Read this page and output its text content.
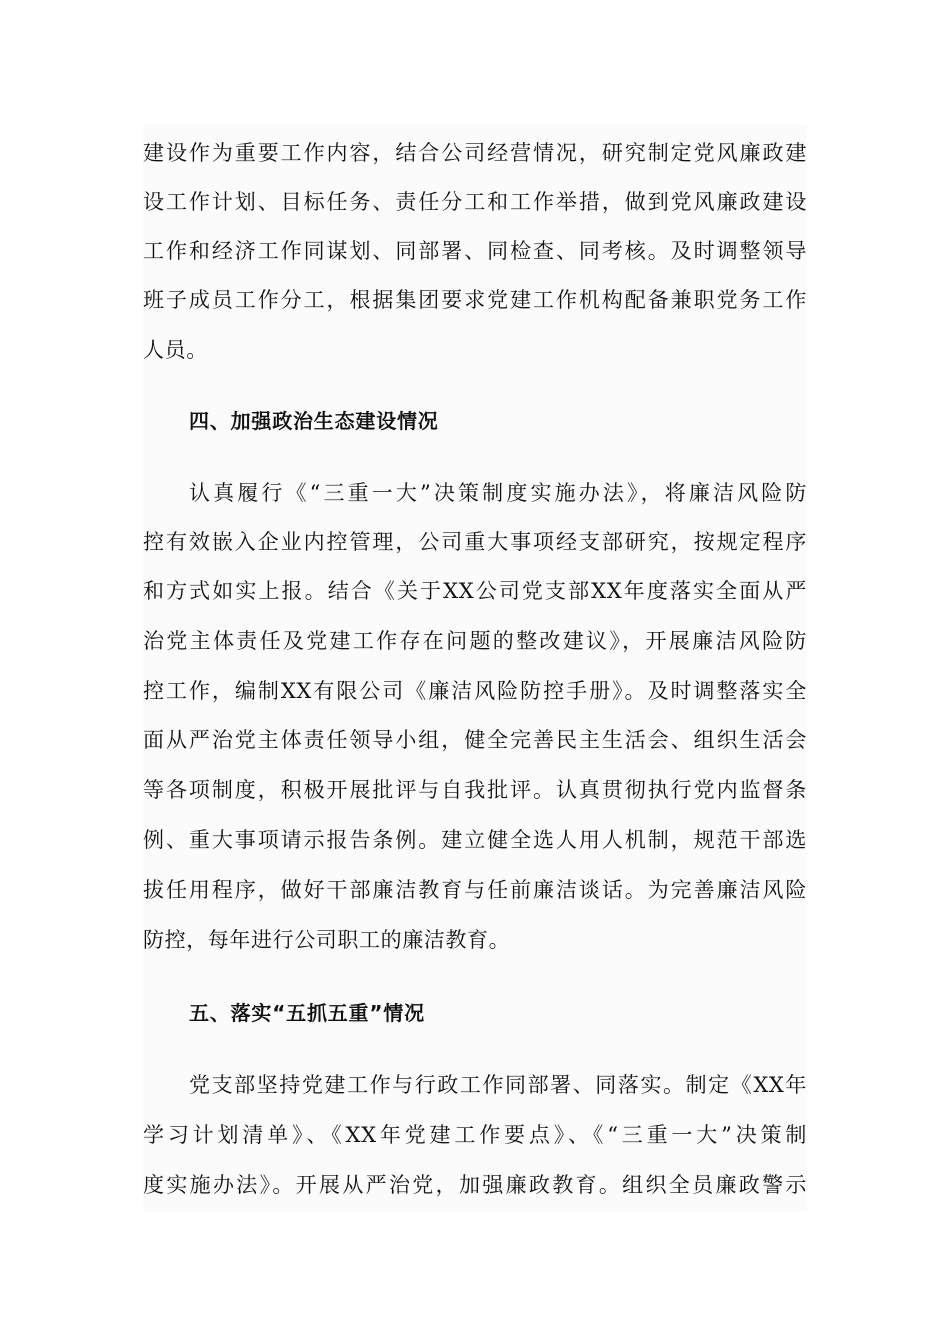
建设作为重要工作内容，结合公司经营情况，研究制定党风廉政建

设工作计划、目标任务、责任分工和工作举措，做到党风廉政建设

工作和经济工作同谋划、同部署、同检查、同考核。及时调整领导

班子成员工作分工，根据集团要求党建工作机构配备兼职党务工作

人员。

四、加强政治生态建设情况

认真履行《“三重一大”决策制度实施办法》，将廉洁风险防

控有效嵌入企业内控管理，公司重大事项经支部研究，按规定程序

和方式如实上报。结合《关于XX公司党支部XX年度落实全面从严

治党主体责任及党建工作存在问题的整改建议》，开展廉洁风险防

控工作，编制XX有限公司《廉洁风险防控手册》。及时调整落实全

面从严治党主体责任领导小组，健全完善民主生活会、组织生活会

等各项制度，积极开展批评与自我批评。认真贯彻执行党内监督条

例、重大事项请示报告条例。建立健全选人用人机制，规范干部选

拔任用程序，做好干部廉洁教育与任前廉洁谈话。为完善廉洁风险

防控，每年进行公司职工的廉洁教育。

五、落实“五抓五重”情况

党支部坚持党建工作与行政工作同部署、同落实。制定《XX年

学习计划清单》、《XX年党建工作要点》、《“三重一大”决策制

度实施办法》。开展从严治党，加强廉政教育。组织全员廉政警示
